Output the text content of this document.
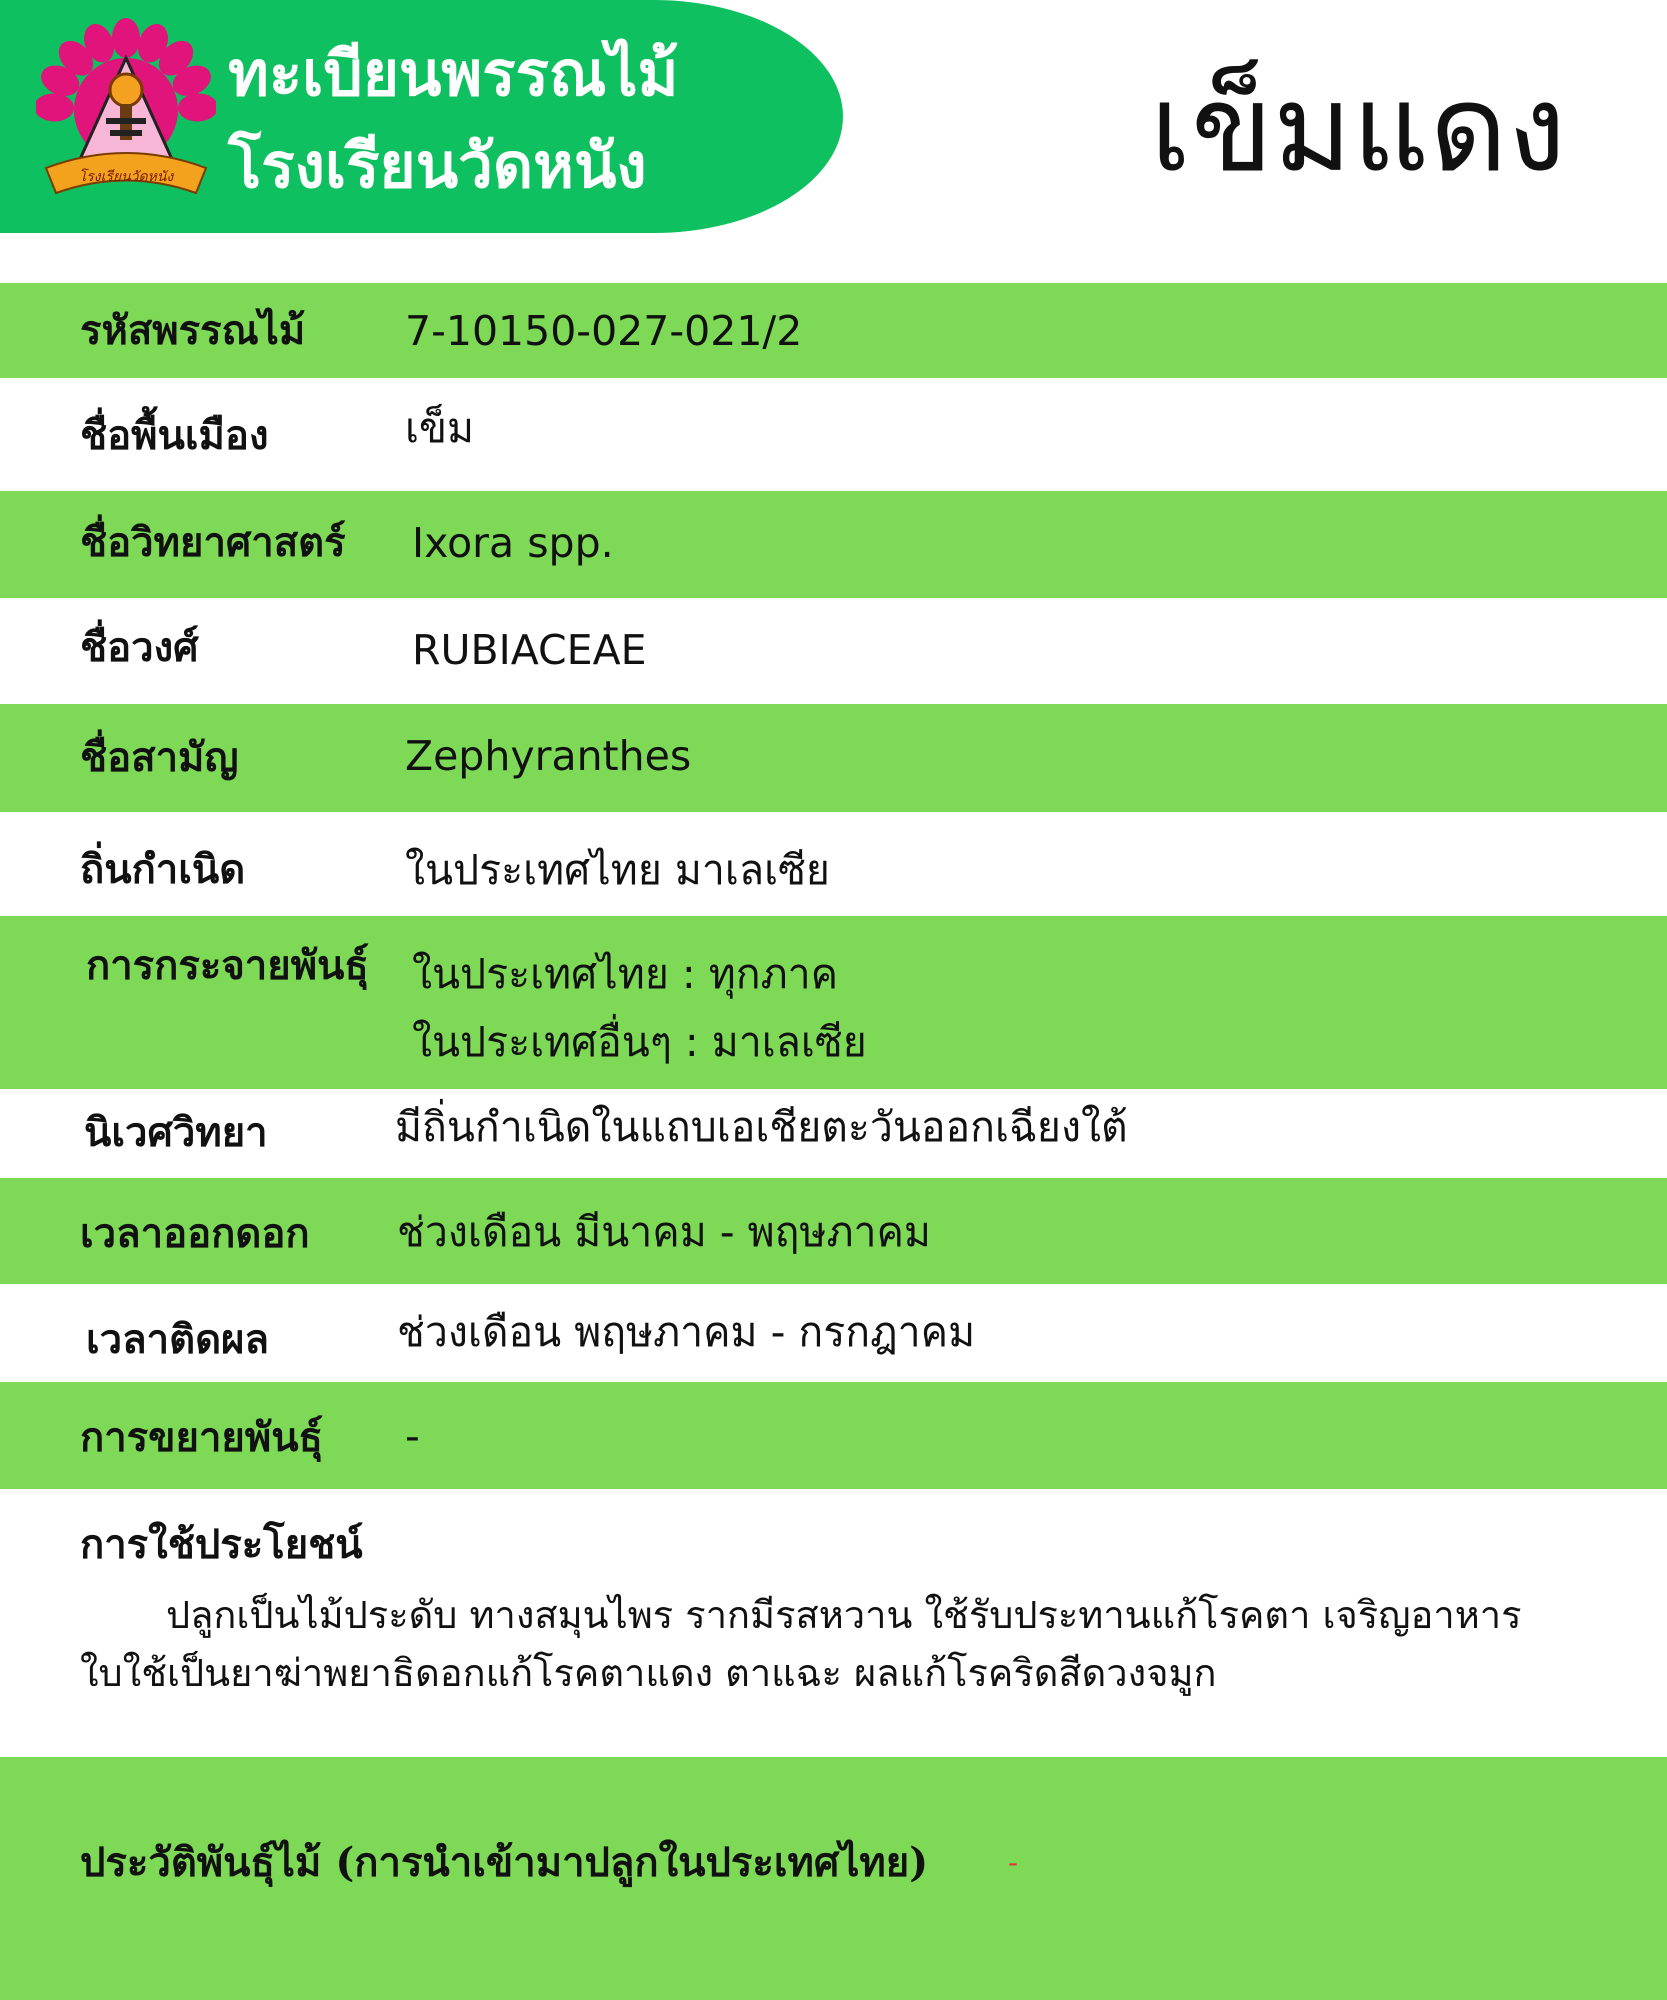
โรงเรียนวัดหนัง
ทะเบียนพรรณไม้
โรงเรียนวัดหนัง	เข็มแดง
รหัสพรรณไม้ 7-10150-027-021/2
ชื่อพื้นเมือง	เข็ม
ชื่อวิทยาศาสตร์ Ixora spp.
ชื่อวงศ์	RUBIACEAE
ชื่อสามัญ	Zephyranthes
ถิ่นกำเนิด	ในประเทศไทย มาเลเซีย
การกระจายพันธุ์ ในประเทศไทย : ทุกภาค
ในประเทศอื่นๆ : มาเลเซีย
นิเวศวิทยา	มีถิ่นกำเนิดในแถบเอเชียตะวันออกเฉียงใต้
เวลาออกดอก ช่วงเดือน มีนาคม - พฤษภาคม
เวลาติดผล	ช่วงเดือน พฤษภาคม - กรกฎาคม
การขยายพันธุ์ -
การใช้ประโยชน์
ปลูกเป็นไม้ประดับ ทางสมุนไพร รากมีรสหวาน ใช้รับประทานแก้โรคตา เจริญอาหาร
ใบใช้เป็นยาฆ่าพยาธิดอกแก้โรคตาแดง ตาแฉะ ผลแก้โรคริดสีดวงจมูก
ประวัติพันธุ์ไม้ (การนำเข้ามาปลูกในประเทศไทย)	-
